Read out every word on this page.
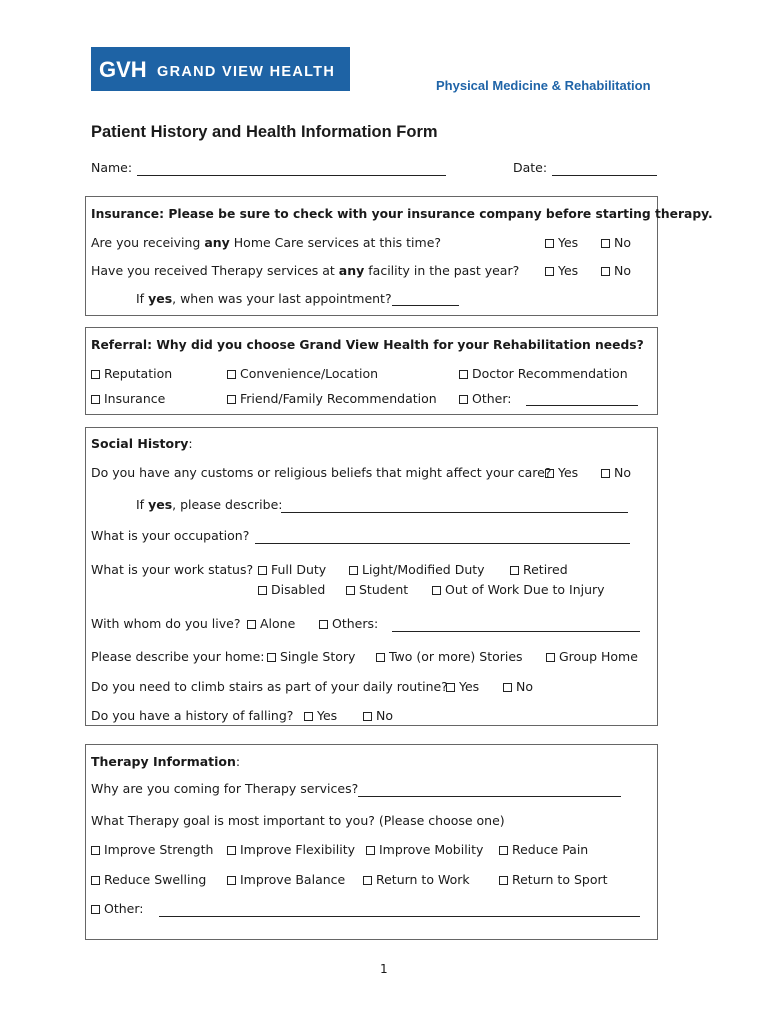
GVH GRAND VIEW HEALTH
Physical Medicine & Rehabilitation
Patient History and Health Information Form
Name:	Date:
Insurance: Please be sure to check with your insurance company before starting therapy.
Are you receiving any Home Care services at this time?	Yes	No
Have you received Therapy services at any facility in the past year?	Yes	No
If yes, when was your last appointment?
Referral: Why did you choose Grand View Health for your Rehabilitation needs?
Reputation	Convenience/Location	Doctor Recommendation
Insurance	Friend/Family Recommendation	Other:
Social History:
Do you have any customs or religious beliefs that might affect your care? Yes	No
If yes, please describe:
What is your occupation?
What is your work status?	Full Duty	Light/Modified Duty	Retired
Disabled	Student	Out of Work Due to Injury
With whom do you live?	Alone	Others:
Please describe your home:	Single Story	Two (or more) Stories	Group Home
Do you need to climb stairs as part of your daily routine? Yes	No
Do you have a history of falling?	Yes	No
Therapy Information:
Why are you coming for Therapy services?
What Therapy goal is most important to you? (Please choose one)
Improve Strength	Improve Flexibility	Improve Mobility	Reduce Pain
Reduce Swelling	Improve Balance	Return to Work	Return to Sport
Other:
1
